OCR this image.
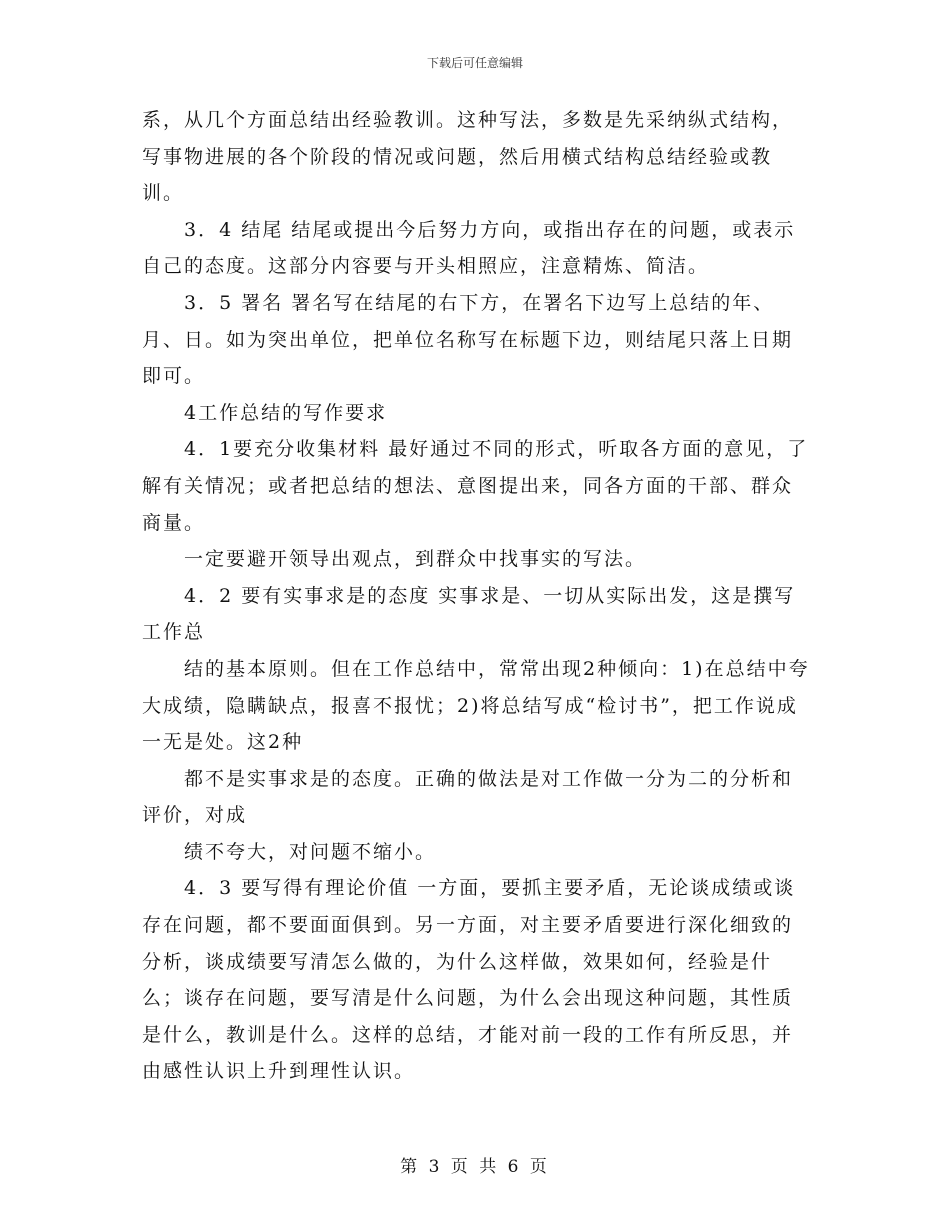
下载后可任意编辑

系，从几个方面总结出经验教训。这种写法，多数是先采纳纵式结构，写事物进展的各个阶段的情况或问题，然后用横式结构总结经验或教训。

3．4 结尾 结尾或提出今后努力方向，或指出存在的问题，或表示自己的态度。这部分内容要与开头相照应，注意精炼、简洁。

3．5 署名 署名写在结尾的右下方，在署名下边写上总结的年、月、日。如为突出单位，把单位名称写在标题下边，则结尾只落上日期即可。

4工作总结的写作要求

4．1要充分收集材料 最好通过不同的形式，听取各方面的意见，了解有关情况；或者把总结的想法、意图提出来，同各方面的干部、群众商量。

一定要避开领导出观点，到群众中找事实的写法。

4．2 要有实事求是的态度 实事求是、一切从实际出发，这是撰写工作总

结的基本原则。但在工作总结中，常常出现2种倾向：1)在总结中夸大成绩，隐瞒缺点，报喜不报忧；2)将总结写成“检讨书”，把工作说成一无是处。这2种

都不是实事求是的态度。正确的做法是对工作做一分为二的分析和评价，对成

绩不夸大，对问题不缩小。

4．3 要写得有理论价值 一方面，要抓主要矛盾，无论谈成绩或谈存在问题，都不要面面俱到。另一方面，对主要矛盾要进行深化细致的分析，谈成绩要写清怎么做的，为什么这样做，效果如何，经验是什么；谈存在问题，要写清是什么问题，为什么会出现这种问题，其性质是什么，教训是什么。这样的总结，才能对前一段的工作有所反思，并由感性认识上升到理性认识。

第 3 页 共 6 页
